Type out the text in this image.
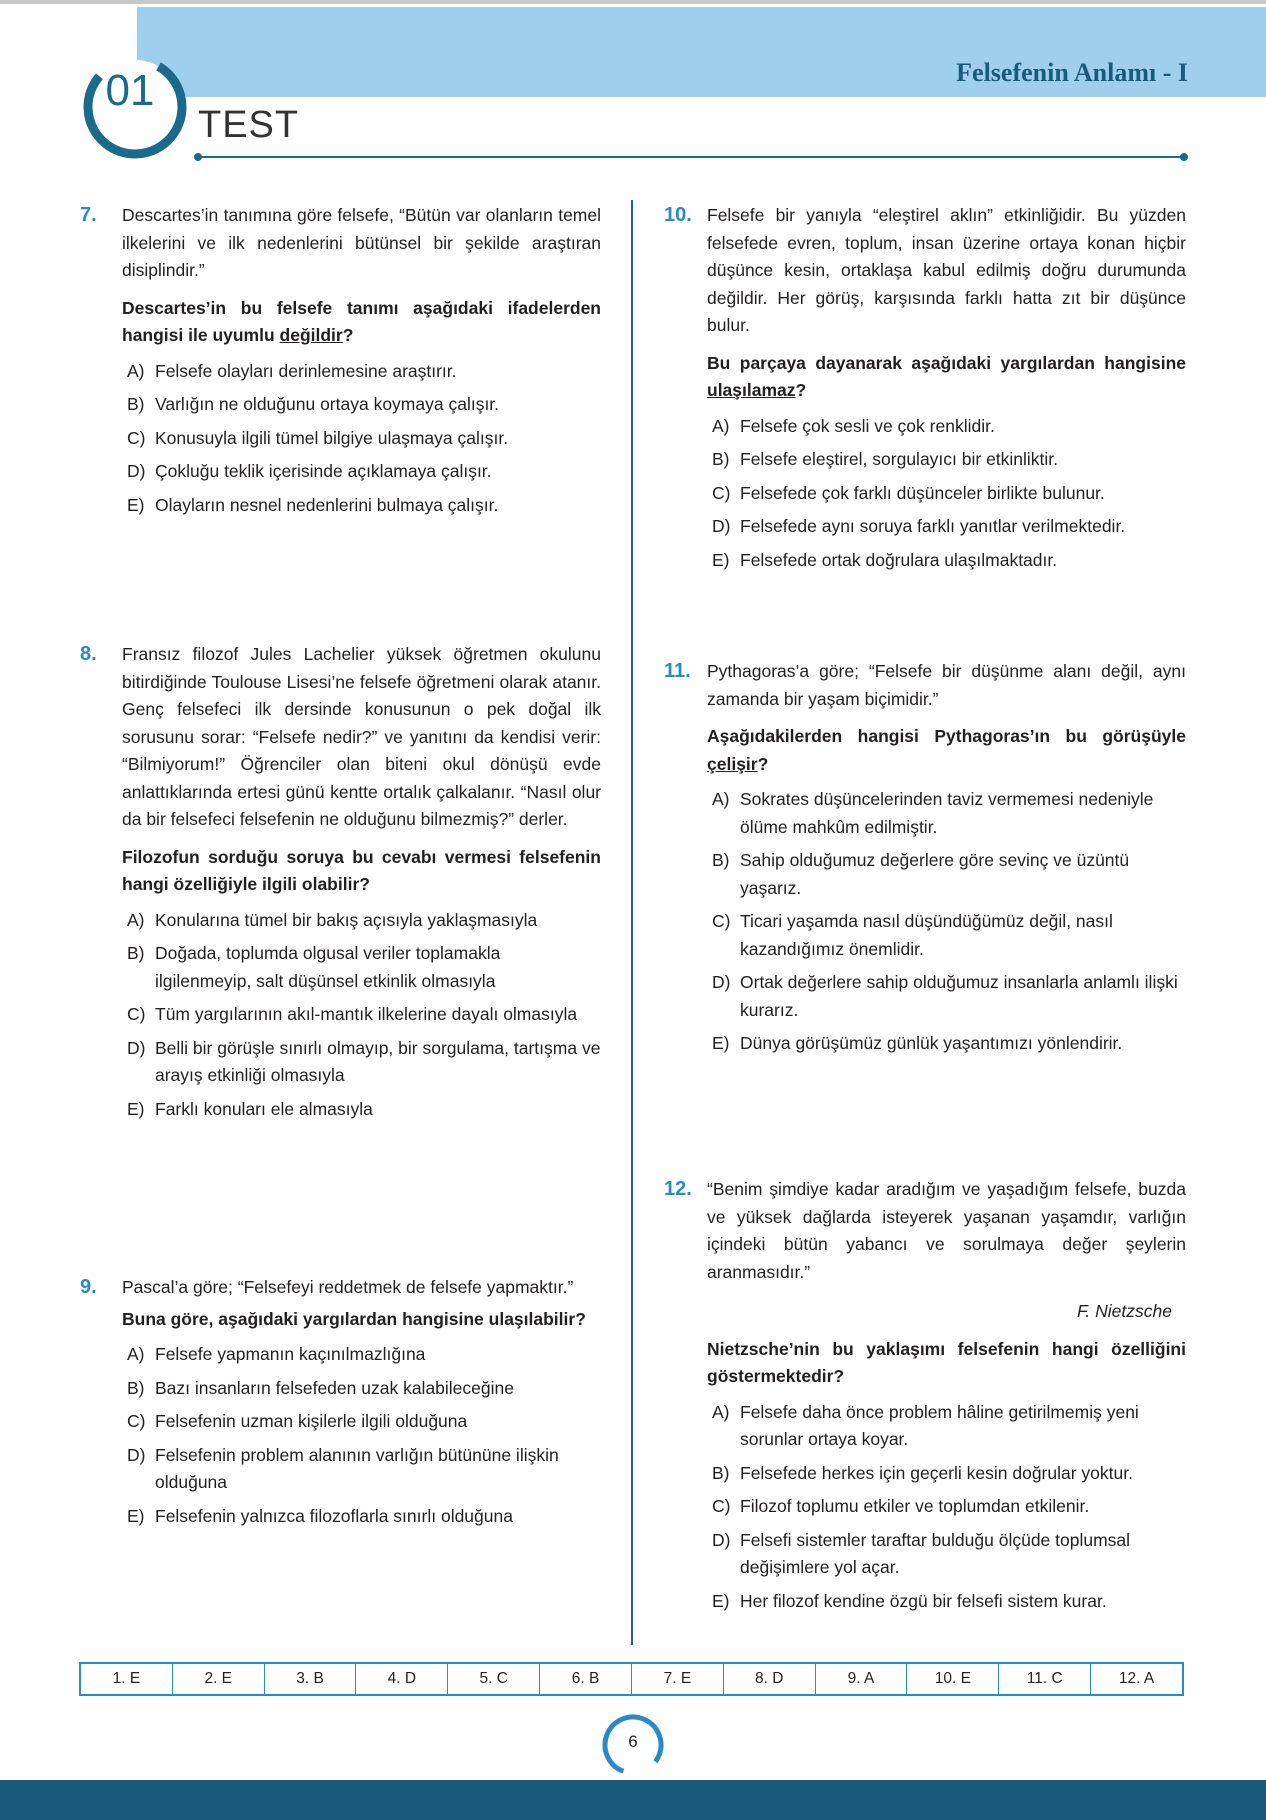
Felsefenin Anlamı - I
01
TEST
7. Descartes’in tanımına göre felsefe, “Bütün var olanların temel ilkelerini ve ilk nedenlerini bütünsel bir şekilde araştıran disiplindir.”
Descartes’in bu felsefe tanımı aşağıdaki ifadelerden hangisi ile uyumlu değildir?
A) Felsefe olayları derinlemesine araştırır.
B) Varlığın ne olduğunu ortaya koymaya çalışır.
C) Konusuyla ilgili tümel bilgiye ulaşmaya çalışır.
D) Çokluğu teklik içerisinde açıklamaya çalışır.
E) Olayların nesnel nedenlerini bulmaya çalışır.
8. Fransız filozof Jules Lachelier yüksek öğretmen okulunu bitirdiğinde Toulouse Lisesi’ne felsefe öğretmeni olarak atanır. Genç felsefeci ilk dersinde konusunun o pek doğal ilk sorusunu sorar: “Felsefe nedir?” ve yanıtını da kendisi verir: “Bilmiyorum!” Öğrenciler olan biteni okul dönüşü evde anlattıklarında ertesi günü kentte ortalık çalkalanır. “Nasıl olur da bir felsefeci felsefenin ne olduğunu bilmezmiş?” derler.
Filozofun sorduğu soruya bu cevabı vermesi felsefenin hangi özelliğiyle ilgili olabilir?
A) Konularına tümel bir bakış açısıyla yaklaşmasıyla
B) Doğada, toplumda olgusal veriler toplamakla ilgilenmeyip, salt düşünsel etkinlik olmasıyla
C) Tüm yargılarının akıl-mantık ilkelerine dayalı olmasıyla
D) Belli bir görüşle sınırlı olmayıp, bir sorgulama, tartışma ve arayış etkinliği olmasıyla
E) Farklı konuları ele almasıyla
9. Pascal’a göre; “Felsefeyi reddetmek de felsefe yapmaktır.”
Buna göre, aşağıdaki yargılardan hangisine ulaşılabilir?
A) Felsefe yapmanın kaçınılmazlığına
B) Bazı insanların felsefeden uzak kalabileceğine
C) Felsefenin uzman kişilerle ilgili olduğuna
D) Felsefenin problem alanının varlığın bütününe ilişkin olduğuna
E) Felsefenin yalnızca filozoflarla sınırlı olduğuna
10. Felsefe bir yanıyla “eleştirel aklın” etkinliğidir. Bu yüzden felsefede evren, toplum, insan üzerine ortaya konan hiçbir düşünce kesin, ortaklaşa kabul edilmiş doğru durumunda değildir. Her görüş, karşısında farklı hatta zıt bir düşünce bulur.
Bu parçaya dayanarak aşağıdaki yargılardan hangisine ulaşılamaz?
A) Felsefe çok sesli ve çok renklidir.
B) Felsefe eleştirel, sorgulayıcı bir etkinliktir.
C) Felsefede çok farklı düşünceler birlikte bulunur.
D) Felsefede aynı soruya farklı yanıtlar verilmektedir.
E) Felsefede ortak doğrulara ulaşılmaktadır.
11. Pythagoras’a göre; “Felsefe bir düşünme alanı değil, aynı zamanda bir yaşam biçimidir.”
Aşağıdakilerden hangisi Pythagoras’ın bu görüşüyle çelişir?
A) Sokrates düşüncelerinden taviz vermemesi nedeniyle ölüme mahkûm edilmiştir.
B) Sahip olduğumuz değerlere göre sevinç ve üzüntü yaşarız.
C) Ticari yaşamda nasıl düşündüğümüz değil, nasıl kazandığımız önemlidir.
D) Ortak değerlere sahip olduğumuz insanlarla anlamlı ilişki kurarız.
E) Dünya görüşümüz günlük yaşantımızı yönlendirir.
12. “Benim şimdiye kadar aradığım ve yaşadığım felsefe, buzda ve yüksek dağlarda isteyerek yaşanan yaşamdır, varlığın içindeki bütün yabancı ve sorulmaya değer şeylerin aranmasıdır.”
F. Nietzsche
Nietzsche’nin bu yaklaşımı felsefenin hangi özelliğini göstermektedir?
A) Felsefe daha önce problem hâline getirilmemiş yeni sorunlar ortaya koyar.
B) Felsefede herkes için geçerli kesin doğrular yoktur.
C) Filozof toplumu etkiler ve toplumdan etkilenir.
D) Felsefi sistemler taraftar bulduğu ölçüde toplumsal değişimlere yol açar.
E) Her filozof kendine özgü bir felsefi sistem kurar.
1. E	2. E	3. B	4. D	5. C	6. B	7. E	8. D	9. A	10. E	11. C	12. A
6
